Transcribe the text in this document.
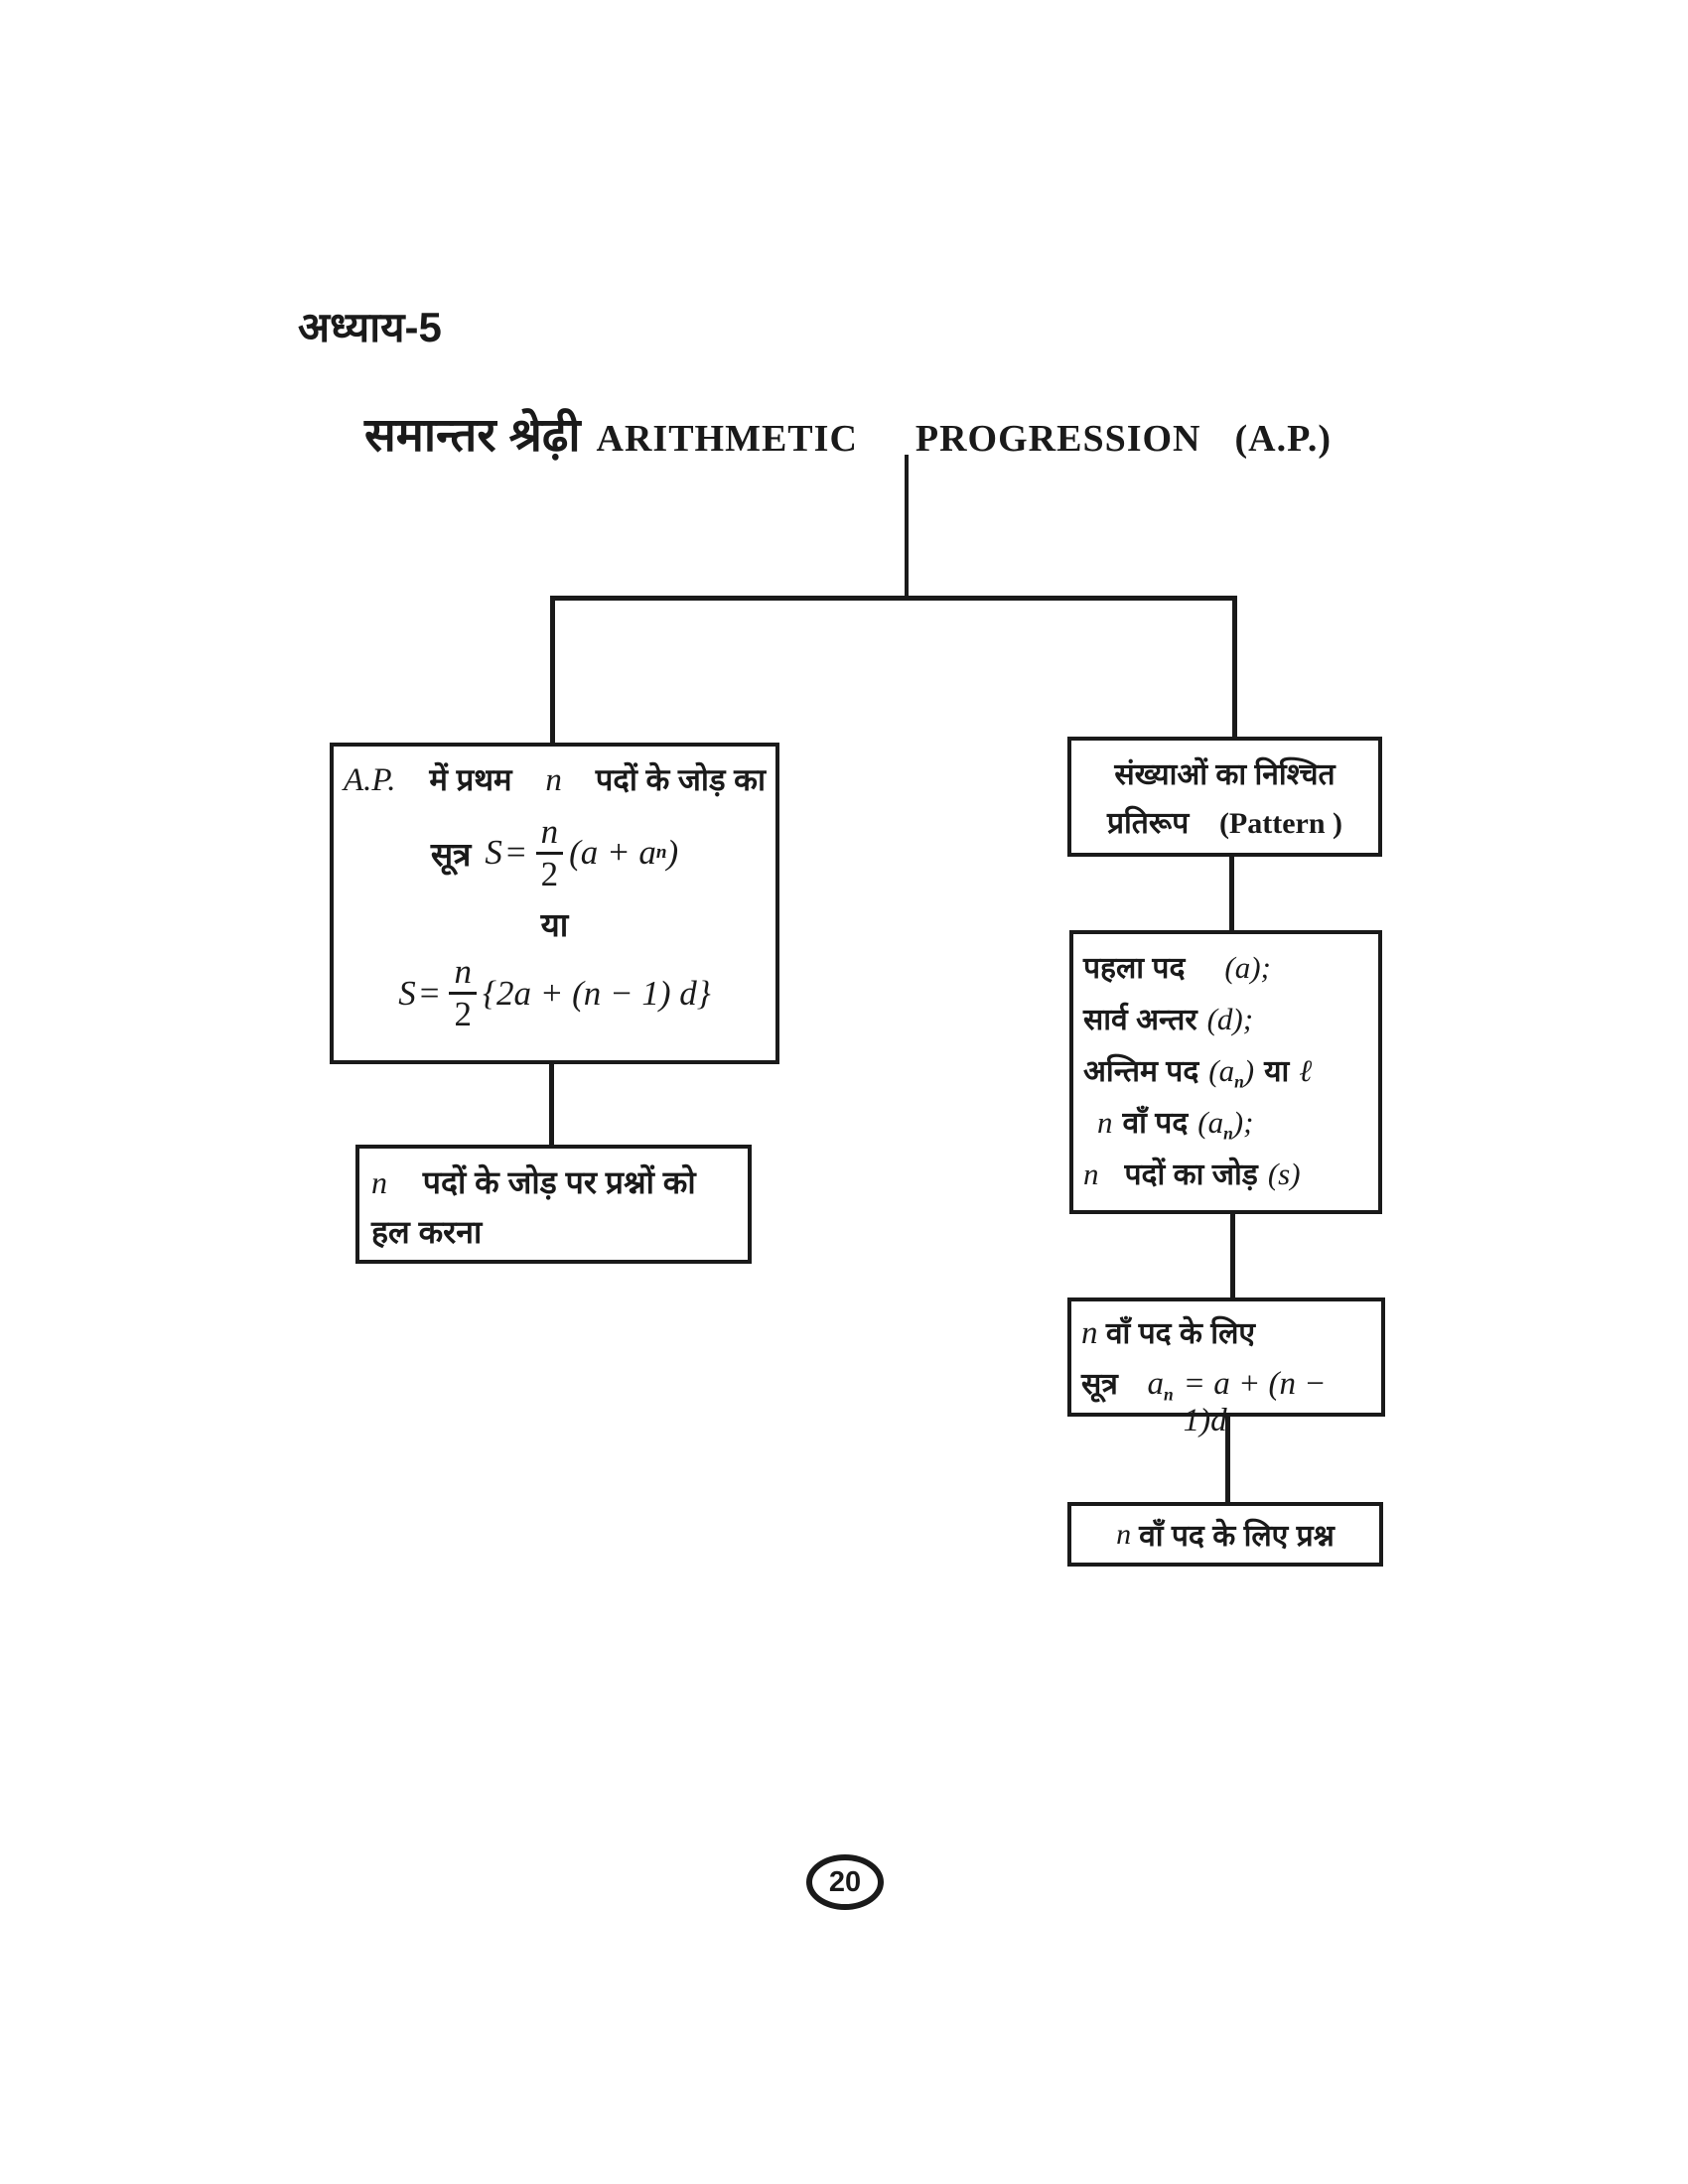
अध्याय-5
समान्तर श्रेढ़ी ARITHMETIC PROGRESSION (A.P.)
A.P. में प्रथम n पदों के जोड़ का
सूत्र $S = \frac{n}{2} (a + a$ n )
या
$S = \frac{n}{2} \{2a + (n - 1)$ d}
n पदों के जोड़ पर प्रश्नों को
हल करना
संख्याओं का निश्चित
प्रतिरूप (Pattern )
पहला पद (a);
सार्व अन्तर (d);
अन्तिम पद $(a_n)$ या ℓ
n वाँ पद $(a_n)$;
n पदों का जोड़ (s)
n वाँ पद के लिए
सूत्र $a_n = a + (n - 1)d$
n वाँ पद के लिए प्रश्न
20
